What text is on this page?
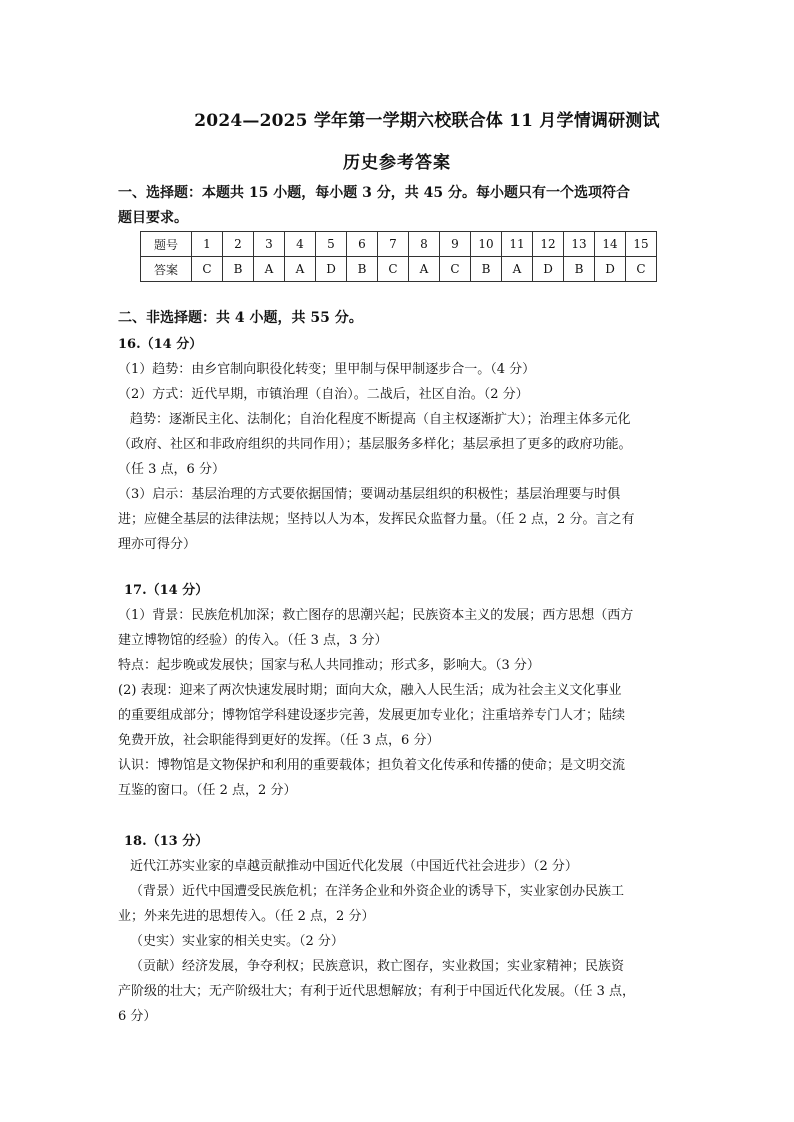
2024—2025 学年第一学期六校联合体 11 月学情调研测试
历史参考答案
一、选择题：本题共 15 小题，每小题 3 分，共 45 分。每小题只有一个选项符合
题目要求。
题号	1	2	3	4	5	6	7	8	9	10	11	12	13	14	15
答案	C	B	A	A	D	B	C	A	C	B	A	D	B	D	C
二、非选择题：共 4 小题，共 55 分。
16.（14 分）
（1）趋势：由乡官制向职役化转变；里甲制与保甲制逐步合一。（4 分）
（2）方式：近代早期，市镇治理（自治）。二战后，社区自治。（2 分）
趋势：逐渐民主化、法制化；自治化程度不断提高（自主权逐渐扩大）；治理主体多元化
（政府、社区和非政府组织的共同作用）；基层服务多样化；基层承担了更多的政府功能。
（任 3 点，6 分）
（3）启示：基层治理的方式要依据国情；要调动基层组织的积极性；基层治理要与时俱
进；应健全基层的法律法规；坚持以人为本，发挥民众监督力量。（任 2 点，2 分。言之有
理亦可得分）
17.（14 分）
（1）背景：民族危机加深；救亡图存的思潮兴起；民族资本主义的发展；西方思想（西方
建立博物馆的经验）的传入。（任 3 点，3 分）
特点：起步晚或发展快；国家与私人共同推动；形式多，影响大。（3 分）
(2) 表现：迎来了两次快速发展时期；面向大众，融入人民生活；成为社会主义文化事业
的重要组成部分；博物馆学科建设逐步完善，发展更加专业化；注重培养专门人才；陆续
免费开放，社会职能得到更好的发挥。（任 3 点，6 分）
认识：博物馆是文物保护和利用的重要载体；担负着文化传承和传播的使命；是文明交流
互鉴的窗口。（任 2 点，2 分）
18.（13 分）
近代江苏实业家的卓越贡献推动中国近代化发展（中国近代社会进步）（2 分）
（背景）近代中国遭受民族危机；在洋务企业和外资企业的诱导下，实业家创办民族工
业；外来先进的思想传入。（任 2 点，2 分）
（史实）实业家的相关史实。（2 分）
（贡献）经济发展，争夺利权；民族意识，救亡图存，实业救国；实业家精神；民族资
产阶级的壮大；无产阶级壮大；有利于近代思想解放；有利于中国近代化发展。（任 3 点，
6 分）
